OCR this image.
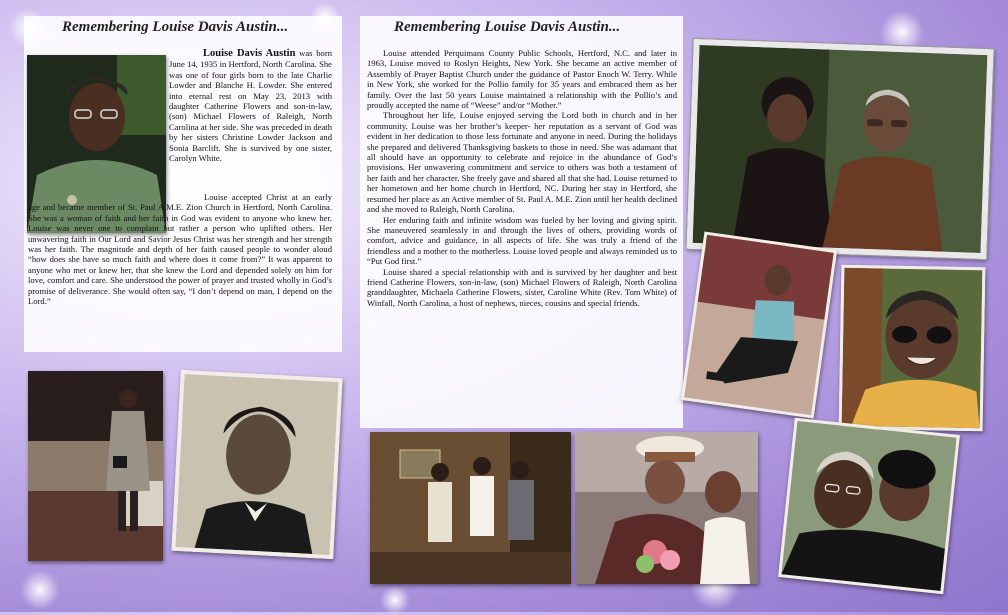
Remembering Louise Davis Austin...

Louise Davis Austin was born June 14, 1935 in Hertford, North Carolina. She was one of four girls born to the late Charlie Lowder and Blanche H. Lowder. She entered into eternal rest on May 23, 2013 with daughter Catherine Flowers and son-in-law, (son) Michael Flowers of Raleigh, North Carolina at her side. She was preceded in death by her sisters Christine Lowder Jackson and Sonia Barclift. She is survived by one sister, Carolyn White.

Louise accepted Christ at an early age and became member of St. Paul A.M.E. Zion Church in Hertford, North Carolina. She was a woman of faith and her faith in God was evident to anyone who knew her. Louise was never one to complain but rather a person who uplifted others. Her unwavering faith in Our Lord and Savior Jesus Christ was her strength and her strength was her faith. The magnitude and depth of her faith caused people to wonder aloud “how does she have so much faith and where does it come from?” It was apparent to anyone who met or knew her, that she knew the Lord and depended solely on him for love, comfort and care. She understood the power of prayer and trusted wholly in God’s promise of deliverance. She would often say, “I don’t depend on man, I depend on the Lord.”

Remembering Louise Davis Austin...

Louise attended Perquimans County Public Schools, Hertford, N.C. and later in 1963, Louise moved to Roslyn Heights, New York. She became an active member of Assembly of Prayer Baptist Church under the guidance of Pastor Enoch W. Terry. While in New York, she worked for the Pollio family for 35 years and embraced them as her family. Over the last 50 years Louise maintained a relationship with the Pollio’s and proudly accepted the name of “Weese” and/or “Mother.”

Throughout her life, Louise enjoyed serving the Lord both in church and in her community. Louise was her brother’s keeper- her reputation as a servant of God was evident in her dedication to those less fortunate and anyone in need. During the holidays she prepared and delivered Thanksgiving baskets to those in need. She was adamant that all should have an opportunity to celebrate and rejoice in the abundance of God’s provisions. Her unwavering commitment and service to others was both a testament of her faith and her character. She freely gave and shared all that she had. Louise returned to her hometown and her home church in Hertford, NC. During her stay in Hertford, she resumed her place as an Active member of St. Paul A. M.E. Zion until her health declined and she moved to Raleigh, North Carolina.

Her enduring faith and infinite wisdom was fueled by her loving and giving spirit. She maneuvered seamlessly in and through the lives of others, providing words of comfort, advice and guidance, in all aspects of life. She was truly a friend of the friendless and a mother to the motherless. Louise loved people and always reminded us to “Put God first.”

Louise shared a special relationship with and is survived by her daughter and best friend Catherine Flowers, son-in-law, (son) Michael Flowers of Raleigh, North Carolina granddaughter, Michaela Catherine Flowers, sister, Caroline White (Rev. Tom White) of Winfall, North Carolina, a host of nephews, nieces, cousins and special friends.
